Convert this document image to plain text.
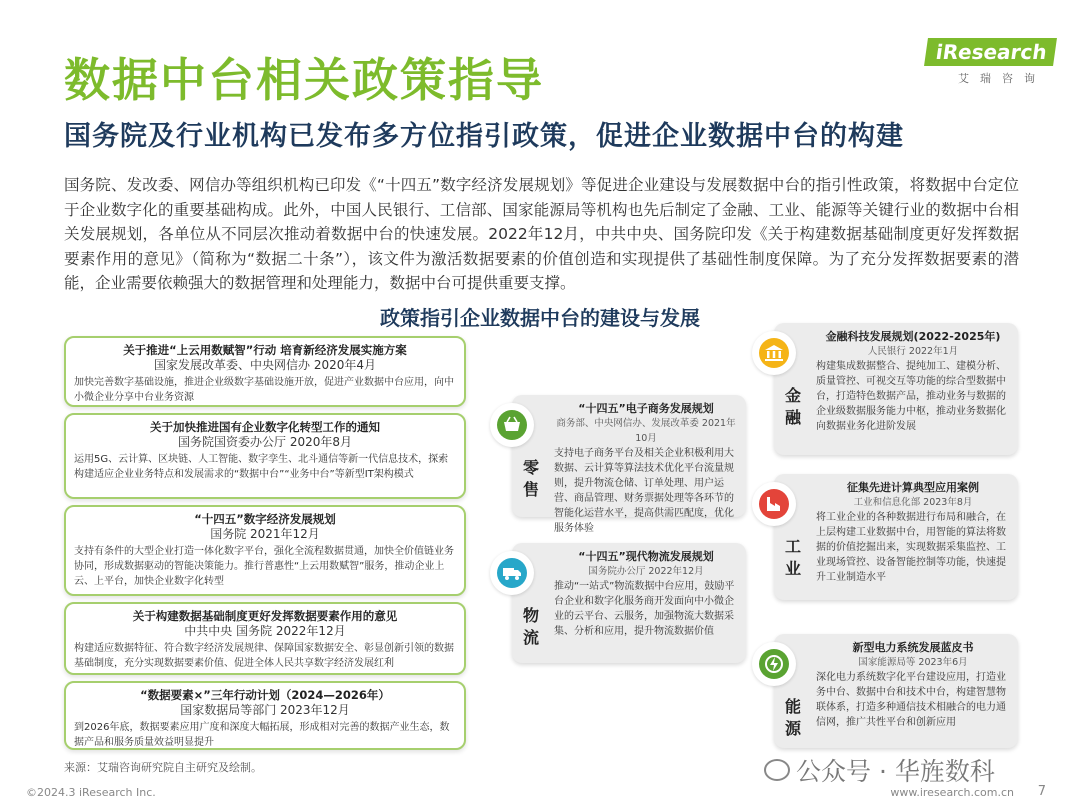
数据中台相关政策指导
国务院及行业机构已发布多方位指引政策，促进企业数据中台的构建
iResearch
艾瑞咨询
国务院、发改委、网信办等组织机构已印发《“十四五”数字经济发展规划》等促进企业建设与发展数据中台的指引性政策，将数据中台定位于企业数字化的重要基础构成。此外，中国人民银行、工信部、国家能源局等机构也先后制定了金融、工业、能源等关键行业的数据中台相关发展规划，各单位从不同层次推动着数据中台的快速发展。2022年12月，中共中央、国务院印发《关于构建数据基础制度更好发挥数据要素作用的意见》（简称为“数据二十条”），该文件为激活数据要素的价值创造和实现提供了基础性制度保障。为了充分发挥数据要素的潜能，企业需要依赖强大的数据管理和处理能力，数据中台可提供重要支撑。
政策指引企业数据中台的建设与发展
关于推进“上云用数赋智”行动 培育新经济发展实施方案
国家发展改革委、中央网信办 2020年4月
加快完善数字基础设施，推进企业级数字基础设施开放，促进产业数据中台应用，向中小微企业分享中台业务资源
关于加快推进国有企业数字化转型工作的通知
国务院国资委办公厅 2020年8月
运用5G、云计算、区块链、人工智能、数字孪生、北斗通信等新一代信息技术，探索构建适应企业业务特点和发展需求的“数据中台”“业务中台”等新型IT架构模式
“十四五”数字经济发展规划
国务院 2021年12月
支持有条件的大型企业打造一体化数字平台，强化全流程数据贯通，加快全价值链业务协同，形成数据驱动的智能决策能力。推行普惠性“上云用数赋智”服务，推动企业上云、上平台，加快企业数字化转型
关于构建数据基础制度更好发挥数据要素作用的意见
中共中央 国务院 2022年12月
构建适应数据特征、符合数字经济发展规律、保障国家数据安全、彰显创新引领的数据基础制度，充分实现数据要素价值、促进全体人民共享数字经济发展红利
“数据要素×”三年行动计划（2024—2026年）
国家数据局等部门 2023年12月
到2026年底，数据要素应用广度和深度大幅拓展，形成相对完善的数据产业生态，数据产品和服务质量效益明显提升
零售
“十四五”电子商务发展规划
商务部、中央网信办、发展改革委 2021年10月
支持电子商务平台及相关企业积极利用大数据、云计算等算法技术优化平台流量规则，提升物流仓储、订单处理、用户运营、商品管理、财务票据处理等各环节的智能化运营水平，提高供需匹配度，优化服务体验
物流
“十四五”现代物流发展规划
国务院办公厅 2022年12月
推动“一站式”物流数据中台应用，鼓励平台企业和数字化服务商开发面向中小微企业的云平台、云服务，加强物流大数据采集、分析和应用，提升物流数据价值
金融
金融科技发展规划(2022-2025年)
人民银行 2022年1月
构建集成数据整合、提纯加工、建模分析、质量管控、可视交互等功能的综合型数据中台，打造特色数据产品，推动业务与数据的企业级数据服务能力中枢，推动业务数据化向数据业务化进阶发展
工业
征集先进计算典型应用案例
工业和信息化部 2023年8月
将工业企业的各种数据进行布局和融合，在上层构建工业数据中台，用智能的算法将数据的价值挖掘出来，实现数据采集监控、工业现场管控、设备智能控制等功能，快速提升工业制造水平
能源
新型电力系统发展蓝皮书
国家能源局等 2023年6月
深化电力系统数字化平台建设应用，打造业务中台、数据中台和技术中台，构建智慧物联体系，打造多种通信技术相融合的电力通信网，推广共性平台和创新应用
来源：艾瑞咨询研究院自主研究及绘制。	公众号 · 华旌数科
©2024.3 iResearch Inc.	www.iresearch.com.cn 7
